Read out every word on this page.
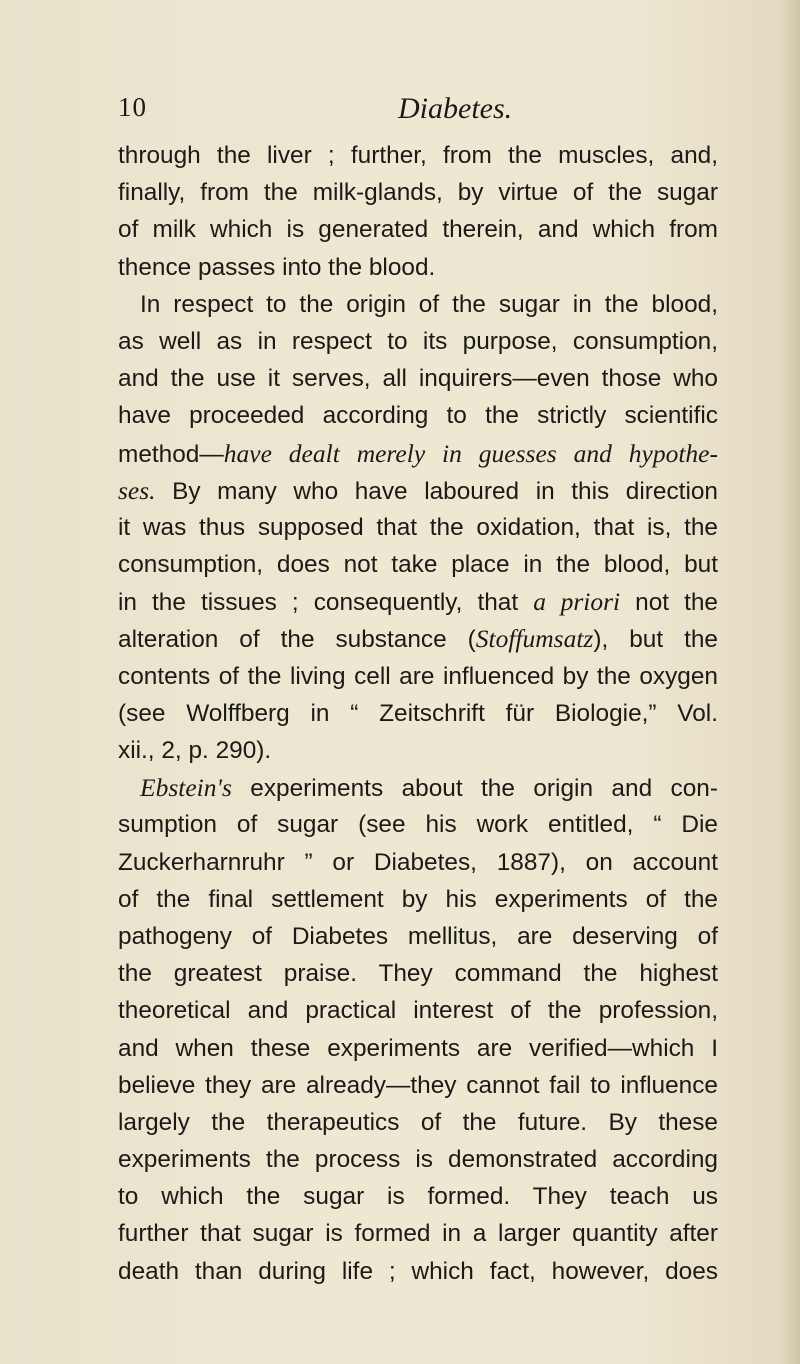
10	Diabetes.
through the liver ; further, from the muscles, and,
finally, from the milk-glands, by virtue of the sugar
of milk which is generated therein, and which from
thence passes into the blood.
In respect to the origin of the sugar in the blood,
as well as in respect to its purpose, consumption,
and the use it serves, all inquirers—even those who
have proceeded according to the strictly scientific
method—have dealt merely in guesses and hypothe-
ses. By many who have laboured in this direction
it was thus supposed that the oxidation, that is, the
consumption, does not take place in the blood, but
in the tissues ; consequently, that a priori not the
alteration of the substance (Stoffumsatz), but the
contents of the living cell are influenced by the oxygen
(see Wolffberg in “ Zeitschrift für Biologie,” Vol.
xii., 2, p. 290).
Ebstein's experiments about the origin and con-
sumption of sugar (see his work entitled, “ Die
Zuckerharnruhr ” or Diabetes, 1887), on account
of the final settlement by his experiments of the
pathogeny of Diabetes mellitus, are deserving of
the greatest praise. They command the highest
theoretical and practical interest of the profession,
and when these experiments are verified—which I
believe they are already—they cannot fail to influence
largely the therapeutics of the future. By these
experiments the process is demonstrated according
to which the sugar is formed. They teach us
further that sugar is formed in a larger quantity after
death than during life ; which fact, however, does
